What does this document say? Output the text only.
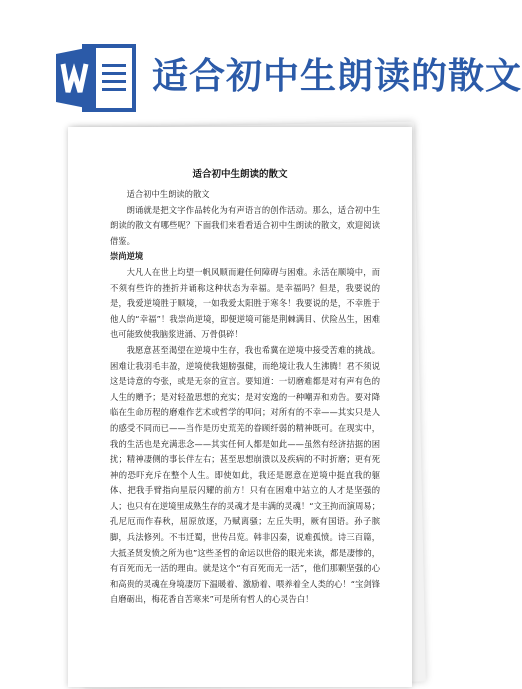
适合初中生朗读的散文
适合初中生朗读的散文

适合初中生朗读的散文

朗诵就是把文字作品转化为有声语言的创作活动。那么，适合初中生朗读的散文有哪些呢？下面我们来看看适合初中生朗读的散文，欢迎阅读借鉴。

崇尚逆境

大凡人在世上均望一帆风顺而避任何障碍与困难。永活在顺境中，而不须有些许的挫折并诵称这种状态为幸福。是幸福吗？但是，我要说的是，我爱逆境胜于顺境，一如我爱太阳胜于寒冬！我要说的是，不幸胜于他人的“幸福”！我崇尚逆境，即便逆境可能是荆棘满目、伏险丛生，困难也可能致使我脑浆迸涌、万骨俱碎！

我愿意甚至渴望在逆境中生存，我也希冀在逆境中接受苦难的挑战。困难让我羽毛丰盈，逆境使我翅膀强健，而绝境让我人生沸腾！君不须说这是诗意的夸张，或是无奈的宣言。要知道：一切磨难都是对有声有色的人生的赠予；是对轻盈思想的充实；是对安逸的一种嘲弄和劝告。要对降临在生命历程的磨难作艺术或哲学的叩问；对所有的不幸——其实只是人的感受不同而已——当作是历史荒芜的眷顾纤弱的精神既可。在现实中，我的生活也是充满悲念——其实任何人都是如此——虽然有经济拮据的困扰；精神凄侧的事长伴左右；甚至思想崩溃以及疾病的不时折磨；更有死神的恐吓充斥在整个人生。即使如此，我还是愿意在逆境中挺直我的躯体、把我手臂指向星辰闪耀的前方！只有在困难中站立的人才是坚强的人；也只有在逆境里成熟生存的灵魂才是丰满的灵魂！“文王拘而演周易；孔尼厄而作春秋，屈原放逐，乃赋离骚；左丘失明，厥有国语。孙子膑脚，兵法修列。不韦迁蜀，世传吕览。韩非囚秦，说难孤愤。诗三百篇，大抵圣贤发愤之所为也”这些圣哲的命运以世俗的眼光来读，都是凄惨的，有百死而无一活的理由。就是这个“有百死而无一活”，他们那颗坚强的心和高贵的灵魂在身境凄厉下温暖着、激励着、喂养着全人类的心！“宝剑锋自磨砺出，梅花香自苦寒来”可是所有哲人的心灵告白！
